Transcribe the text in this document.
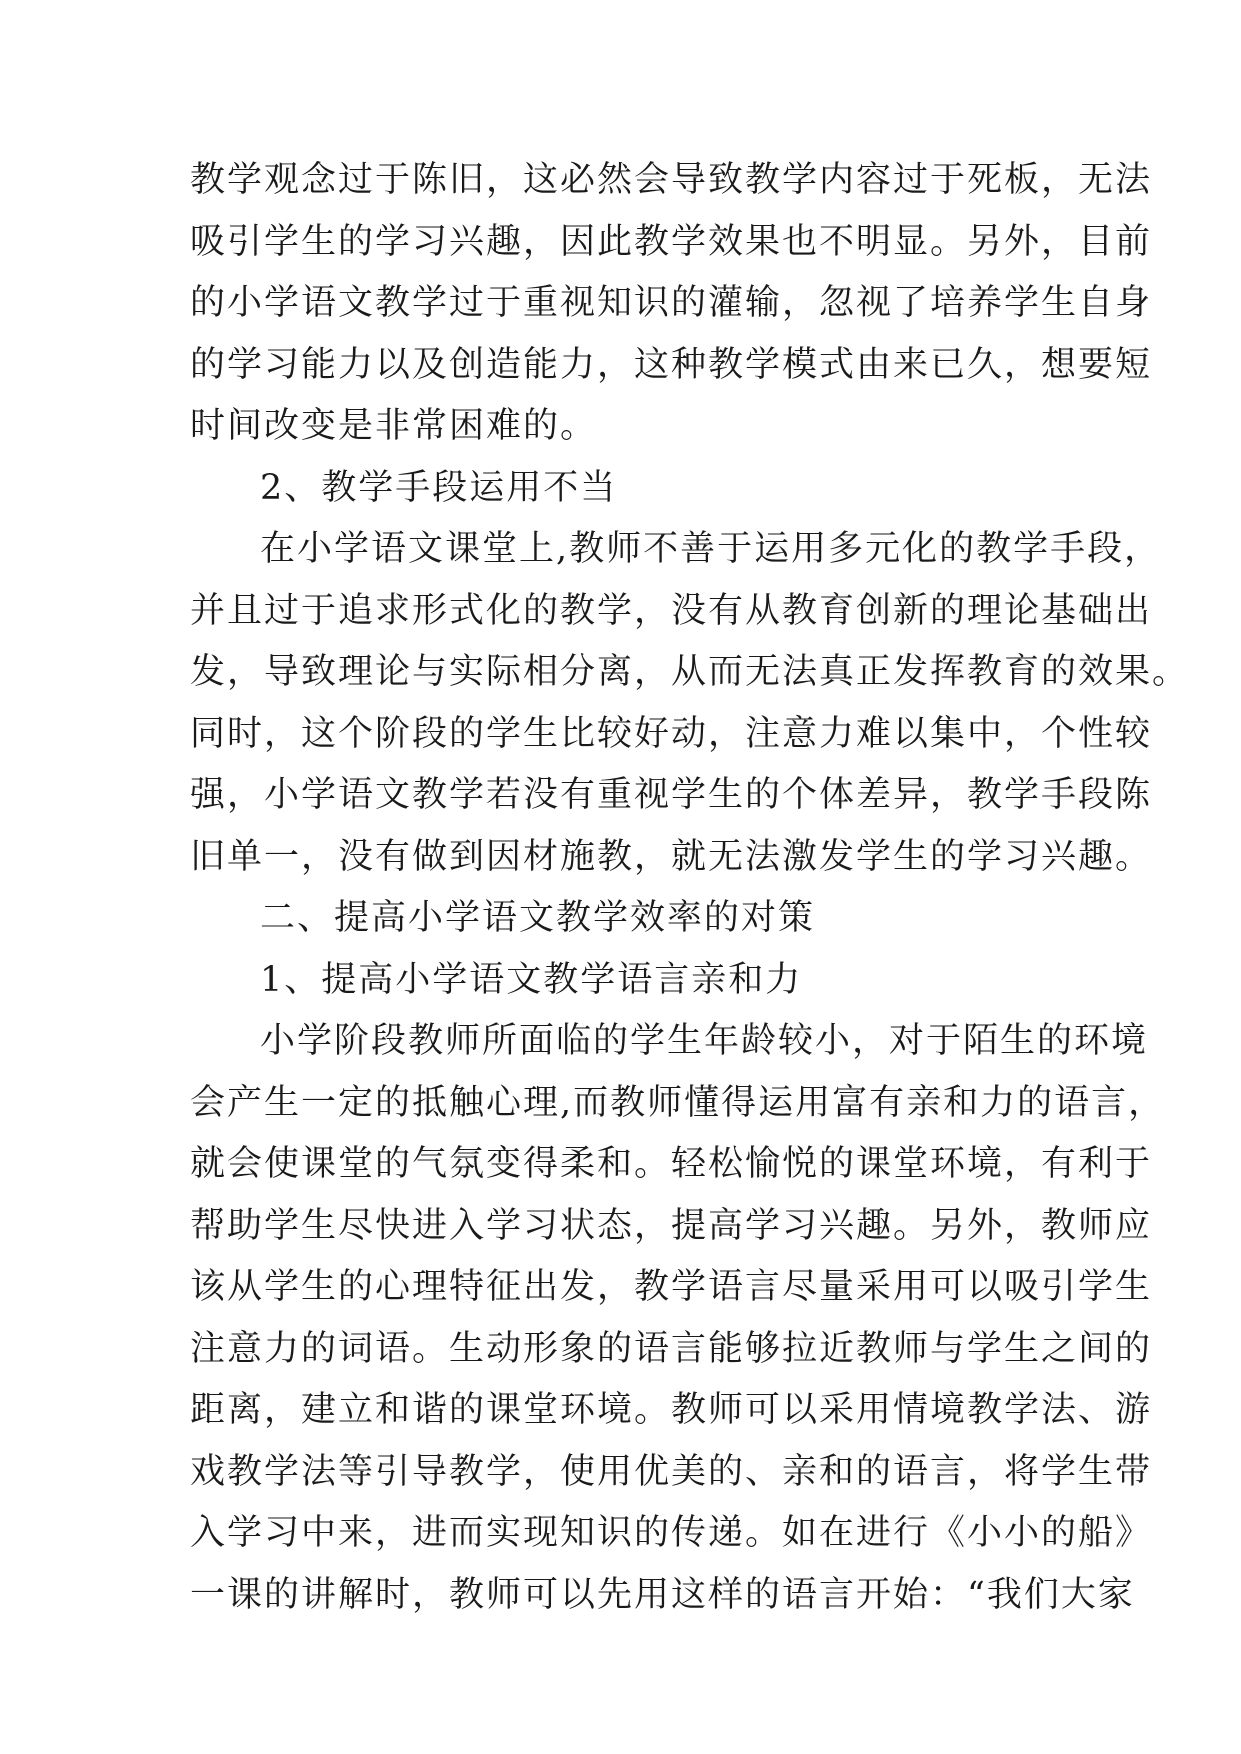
教学观念过于陈旧，这必然会导致教学内容过于死板，无法
吸引学生的学习兴趣，因此教学效果也不明显。另外，目前
的小学语文教学过于重视知识的灌输，忽视了培养学生自身
的学习能力以及创造能力，这种教学模式由来已久，想要短
时间改变是非常困难的。
2、教学手段运用不当
在小学语文课堂上,教师不善于运用多元化的教学手段，
并且过于追求形式化的教学，没有从教育创新的理论基础出
发，导致理论与实际相分离，从而无法真正发挥教育的效果。
同时，这个阶段的学生比较好动，注意力难以集中，个性较
强，小学语文教学若没有重视学生的个体差异，教学手段陈
旧单一，没有做到因材施教，就无法激发学生的学习兴趣。
二、提高小学语文教学效率的对策
1、提高小学语文教学语言亲和力
小学阶段教师所面临的学生年龄较小，对于陌生的环境
会产生一定的抵触心理,而教师懂得运用富有亲和力的语言，
就会使课堂的气氛变得柔和。轻松愉悦的课堂环境，有利于
帮助学生尽快进入学习状态，提高学习兴趣。另外，教师应
该从学生的心理特征出发，教学语言尽量采用可以吸引学生
注意力的词语。生动形象的语言能够拉近教师与学生之间的
距离，建立和谐的课堂环境。教师可以采用情境教学法、游
戏教学法等引导教学，使用优美的、亲和的语言，将学生带
入学习中来，进而实现知识的传递。如在进行《小小的船》
一课的讲解时，教师可以先用这样的语言开始：“我们大家
